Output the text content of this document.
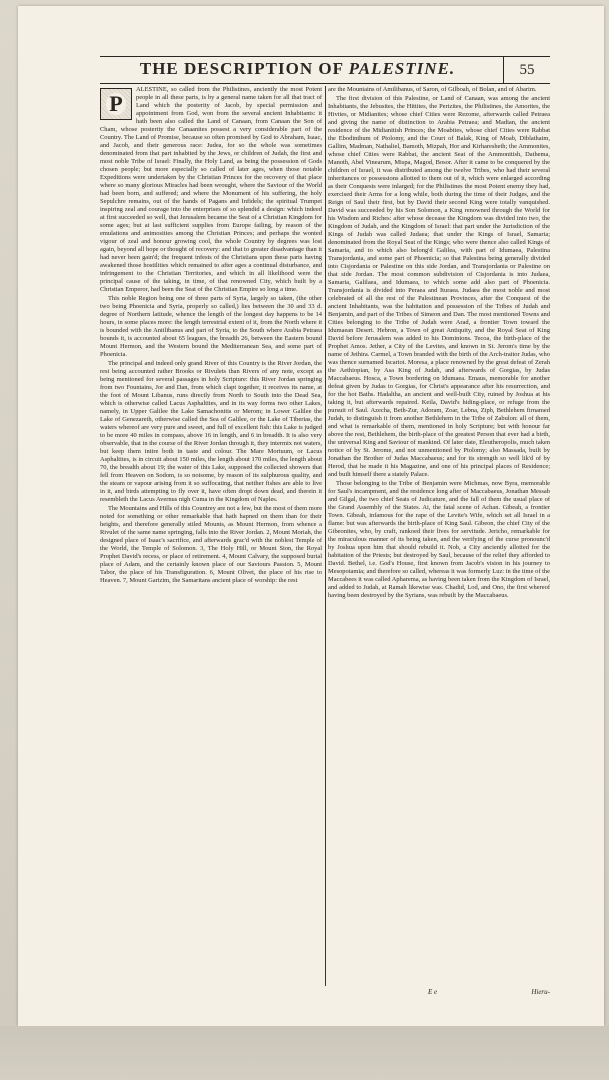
THE DESCRIPTION OF PALESTINE.	55
P

ALESTINE, so called from the Philistines, anciently the most Potent people in all these parts, is by a general name taken for all that tract of Land which the posterity of Jacob, by special permission and appointment from God, won from the several ancient Inhabitants: it hath been also called the Land of Canaan, from Canaan the Son of Cham, whose posterity the Canaanites possest a very considerable part of the Country. The Land of Promise, because so often promised by God to Abraham, Isaac, and Jacob, and their generous race: Judea, for so the whole was sometimes denominated from that part inhabited by the Jews, or children of Judah, the first and most noble Tribe of Israel: Finally, the Holy Land, as being the possession of Gods chosen people; but more especially so called of later ages, when those notable Expeditions were undertaken by the Christian Princes for the recovery of that place where so many glorious Miracles had been wrought, where the Saviour of the World had been born, and suffered; and where the Monument of his suffering, the holy Sepulchre remains, out of the hands of Pagans and Infidels; the spiritual Trumpet inspiring zeal and courage into the enterprises of so splendid a design: which indeed at first succeeded so well, that Jerusalem became the Seat of a Christian Kingdom for some ages; but at last sufficient supplies from Europe failing, by reason of the emulations and animosities among the Christian Princes; and perhaps the wonted vigour of zeal and honour growing cool, the whole Country by degrees was lost again, beyond all hope or thought of recovery: and that to greater disadvantage than it had never been gain'd; the frequent infests of the Christians upon these parts having awakened those hostilities which remained to after ages a continual disturbance, and infringement to the Christian Territories, and which in all likelihood were the principal cause of the taking, in time, of that renowned City, which built by a Christian Emperor, had been the Seat of the Christian Empire so long a time.

This noble Region being one of three parts of Syria, largely so taken, (the other two being Phoenicia and Syria, properly so called,) lies between the 30 and 33 d. degree of Northern latitude, whence the length of the longest day happens to be 14 hours, in some places more: the length terrestrial extent of it, from the North where it is bounded with the Antilibanus and part of Syria, to the South where Arabia Petraea bounds it, is accounted about 65 leagues, the breadth 26, between the Eastern bound Mount Hermon, and the Western bound the Mediterranean Sea, and some part of Phoenicia.

The principal and indeed only grand River of this Country is the River Jordan, the rest being accounted rather Brooks or Rivulets than Rivers of any note, except as being mentioned for several passages in holy Scripture: this River Jordan springing from two Fountains, Jor and Dan, from which clapt together, it receives its name, at the foot of Mount Libanus, runs directly from North to South into the Dead Sea, which is otherwise called Lacus Asphaltites, and in its way forms two other Lakes, namely, in Upper Galilee the Lake Samachonitis or Merom; in Lower Galilee the Lake of Genezareth, otherwise called the Sea of Galilee, or the Lake of Tiberias, the waters whereof are very pure and sweet, and full of excellent fish: this Lake is judged to be more 40 miles in compass, above 16 in length, and 6 in breadth. It is also very observable, that in the course of the River Jordan through it, they intermix not waters, but keep them intire both in taste and colour. The Mare Mortuum, or Lacus Asphaltites, is in circuit about 150 miles, the length about 170 miles, the length about 70, the breadth about 19; the water of this Lake, supposed the collected showers that fell from Heaven on Sodom, is so noisome, by reason of its sulphurous quality, and the steam or vapour arising from it so suffocating, that neither fishes are able to live in it, and birds attempting to fly over it, have often dropt down dead, and therein it resembleth the Lacus Avernus nigh Cuma in the Kingdom of Naples.

The Mountains and Hills of this Countrey are not a few, but the most of them more noted for something or other remarkable that hath hapned on them than for their heights, and therefore generally stiled Mounts, as Mount Hermon, from whence a Rivulet of the same name springing, falls into the River Jordan. 2, Mount Moriah, the designed place of Isaac's sacrifice, and afterwards grac'd with the noblest Temple of the World, the Temple of Solomon. 3, The Holy Hill, or Mount Sion, the Royal Prophet David's recess, or place of retirement. 4, Mount Calvary, the supposed burial place of Adam, and the certainly known place of our Saviours Passion. 5, Mount Tabor, the place of his Transfiguration. 6, Mount Olivet, the place of his rise to Heaven. 7, Mount Garizim, the Samaritans ancient place of worship: the rest

are the Mountains of Amilibanus, of Saron, of Gilboah, of Bolan, and of Abarim.

The first division of this Palestine, or Land of Canaan, was among the ancient Inhabitants, the Jebusites, the Hittites, the Perizites, the Philistines, the Amorites, the Hivites, or Midianites; whose chief Cities were Rezome, afterwards called Petraea and giving the name of distinction to Arabia Petraea; and Madian, the ancient residence of the Midianitish Princes; the Moabites, whose chief Cities were Rabbat the Ebodinthum of Ptolomy, and the Court of Balak, King of Moab, Diblathaim, Gallim, Madman, Nathaliel, Bamoth, Mizpah, Hor and Kirharesheth; the Ammonites, whose chief Cities were Rabbat, the ancient Seat of the Ammonitish, Dathema, Manoth, Abel Vinearum, Mispa, Magod, Bosor. After it came to be conquered by the children of Israel, it was distributed among the twelve Tribes, who had their several inheritances or possessions allotted to them out of it, which were enlarged according as their Conquests were inlarged; for the Philistines the most Potent enemy they had, exercised their Arms for a long while, both during the time of their Judges, and the Reign of Saul their first, but by David their second King were totally vanquished. David was succeeded by his Son Solomon, a King renowned through the World for his Wisdom and Riches: after whose decease the Kingdom was divided into two, the Kingdom of Judah, and the Kingdom of Israel: that part under the Jurisdiction of the Kings of Judah was called Judaea; that under the Kings of Israel, Samaria; denominated from the Royal Seat of the Kings; who were thence also called Kings of Samaria, and to which also belong'd Galilea, with part of Idumaea, Palestina Transjordania, and some part of Phoenicia; so that Palestina being generally divided into Cisjordania or Palestine on this side Jordan, and Transjordania or Palestine on that side Jordan. The most common subdivision of Cisjordania is into Judaea, Samaria, Galilaea, and Idumaea, to which some add also part of Phoenicia. Transjordania is divided into Peraea and Ituraea. Judaea the most noble and most celebrated of all the rest of the Palestinean Provinces, after the Conquest of the ancient Inhabitants, was the habitation and possession of the Tribes of Judah and Benjamin, and part of the Tribes of Simeon and Dan. The most mentioned Towns and Cities belonging to the Tribe of Judah were Arad, a frontier Town toward the Idumaean Desert. Hebron, a Town of great Antiquity, and the Royal Seat of King David before Jerusalem was added to his Dominions. Tecoa, the birth-place of the Prophet Amos. Jether, a City of the Levites, and known in St. Jerom's time by the name of Jethira. Carmel, a Town branded with the birth of the Arch-traitor Judas, who was thence surnamed Iscariot. Moresa, a place renowned by the great defeat of Zerah the Aethiopian, by Asa King of Judah, and afterwards of Gorgias, by Judas Maccabaeus. Hosca, a Town bordering on Idumaea. Emaus, memorable for another defeat given by Judas to Gorgias, for Christ's appearance after his resurrection, and for the hot Baths. Hadaltha, an ancient and well-built City, ruined by Joshua at his taking it, but afterwards repaired. Keila, David's hiding-place, or refuge from the pursuit of Saul. Azecha, Beth-Zur, Adoram, Zoar, Lebna, Zipb, Bethlehem firnamed Judah, to distinguish it from another Bethlehem in the Tribe of Zabulon: all of them, and what is remarkable of them, mentioned in holy Scripture; but with honour far above the rest, Bethlehem, the birth-place of the greatest Person that ever had a birth, the universal King and Saviour of mankind. Of later date, Eleutheropolis, much taken notice of by St. Jerome, and not unmentioned by Ptolomy; also Massada, built by Jonathan the Brother of Judas Maccabaeus; and for its strength so well lik'd of by Herod, that he made it his Magazine, and one of his principal places of Residence; and built himself there a stately Palace.

Those belonging to the Tribe of Benjamin were Michmas, now Byra, memorable for Saul's incampment, and the residence long after of Maccabaeus, Jonathan Messab and Gilgal, the two chief Seats of Judicature, and the fall of them the usual place of the Grand Assembly of the States. Ai, the fatal scene of Achan. Gibeah, a frontier Town. Gibeah, infamous for the rape of the Levite's Wife, which set all Israel in a flame: but was afterwards the birth-place of King Saul. Gibeon, the chief City of the Gibeonites, who, by craft, rankoed their lives for servitude. Jericho, remarkable for the miraculous manner of its being taken, and the verifying of the curse pronounc'd by Joshua upon him that should rebuild it. Nob, a City anciently allotted for the habitation of the Priests; but destroyed by Saul, because of the relief they afforded to David. Bethel, i.e. God's House, first known from Jacob's vision in his journey to Mesopotamia; and therefore so called, whereas it was formerly Luz: in the time of the Maccabees it was called Apharema, as having been taken from the Kingdom of Israel, and added to Judah, at Ramah likewise was. Chadid, Lod, and Ono, the first whereof having been destroyed by the Syrians, was rebuilt by the Maccabaeus.

E e	Hieru-
